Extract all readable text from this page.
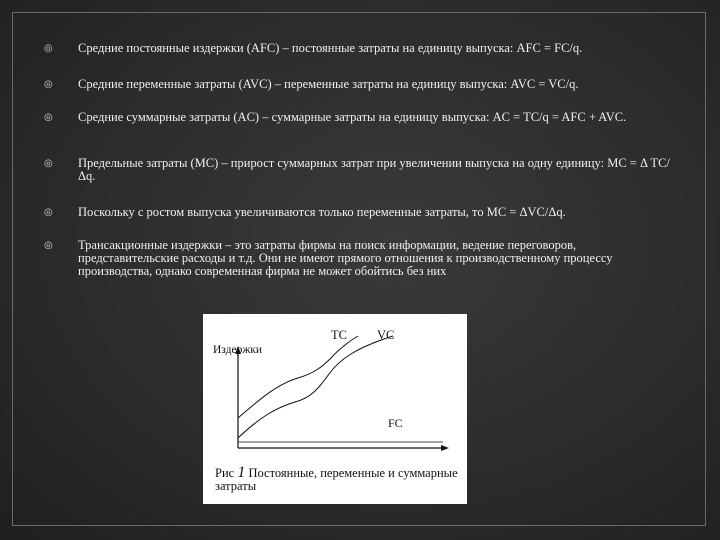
◎ Средние постоянные издержки (AFC) – постоянные затраты на единицу выпуска: AFC = FC/q.
◎ Средние переменные затраты (AVC) – переменные затраты на единицу выпуска: AVC = VC/q.
◎ Средние суммарные затраты (AC) – суммарные затраты на единицу выпуска: AC = TC/q = AFC + AVC.
◎ Предельные затраты (MC) – прирост суммарных затрат при увеличении выпуска на одну единицу: MC = Δ TC/Δq.
◎ Поскольку с ростом выпуска увеличиваются только переменные затраты, то MC = ΔVC/Δq.
◎ Трансакционные издержки – это затраты фирмы на поиск информации, ведение переговоров, представительские расходы и т.д. Они не имеют прямого отношения к производственному процессу производства, однако современная фирма не может обойтись без них
Издержки
TC VC
FC
Рис 1 Постоянные, переменные и суммарные затраты
